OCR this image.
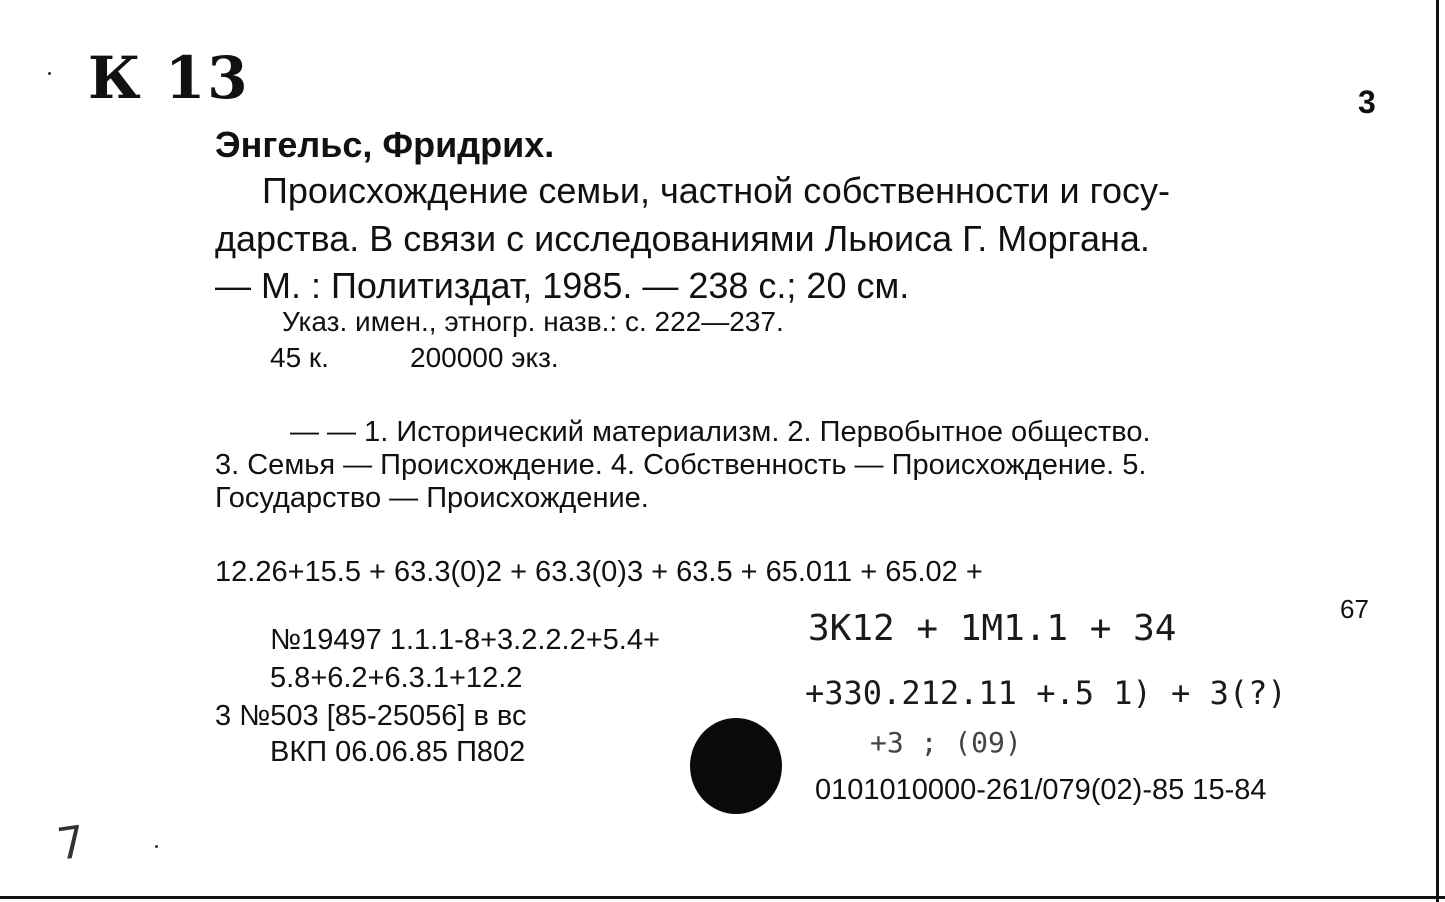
К 13	3
Энгельс, Фридрих.
Происхождение семьи, частной собственности и госу-
дарства. В связи с исследованиями Льюиса Г. Моргана.
— М. : Политиздат, 1985. — 238 с.; 20 см.
Указ. имен., этногр. назв.: с. 222—237.
45 к.	200000 экз.
— — 1. Исторический материализм. 2. Первобытное общество.
3. Семья — Происхождение. 4. Собственность — Происхождение. 5.
Государство — Происхождение.
12.26+15.5 + 63.3(0)2 + 63.3(0)3 + 63.5 + 65.011 + 65.02 +
67
№19497 1.1.1-8+3.2.2.2+5.4+
5.8+6.2+6.3.1+12.2
3 №503 [85-25056] в вс
ВКП 06.06.85 П802
3К12 + 1М1.1 + 34
+330.212.11 +.5 1) + 3(?)
+3 ; (09)
0101010000-261/079(02)-85 15-84
7
